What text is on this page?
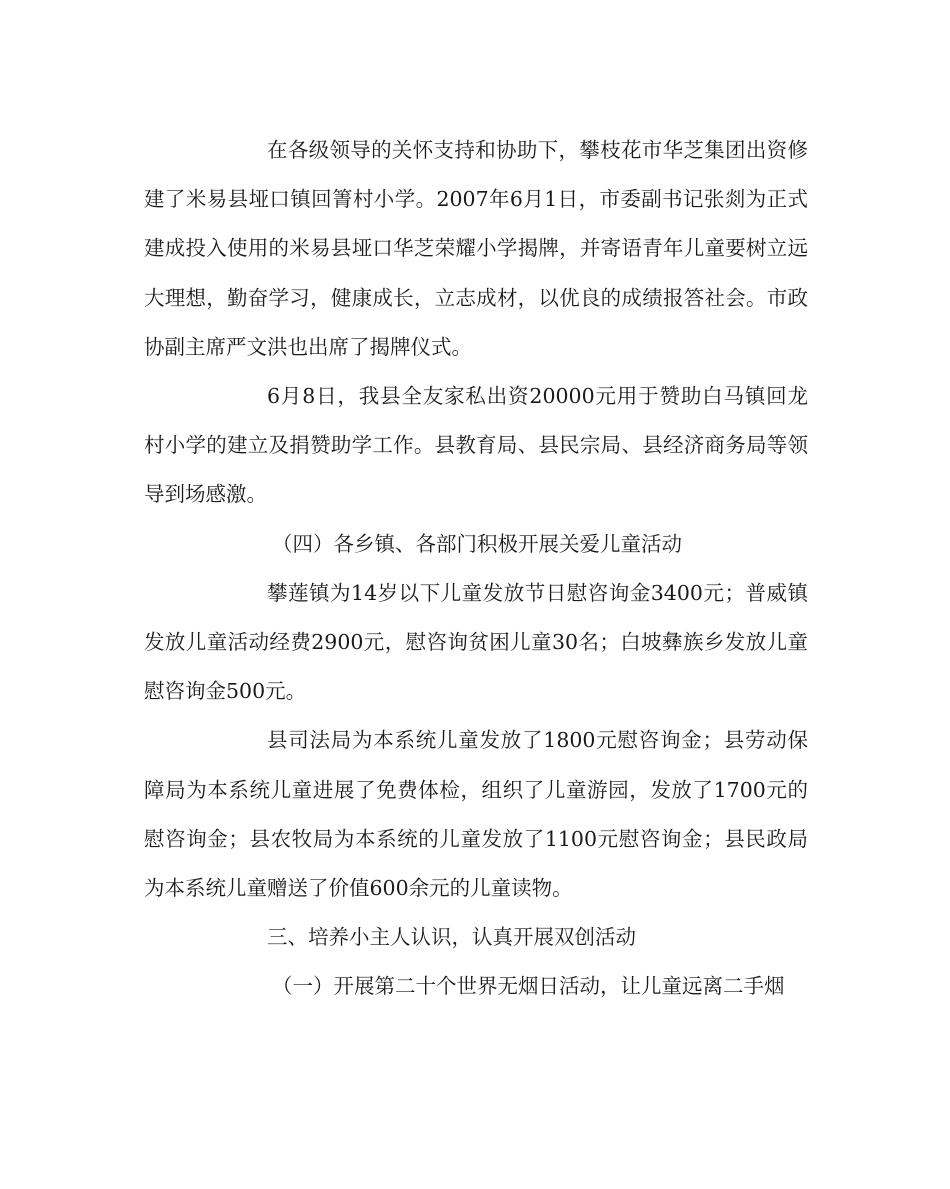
在各级领导的关怀支持和协助下，攀枝花市华芝集团出资修建了米易县垭口镇回箐村小学。2007年6月1日，市委副书记张剡为正式建成投入使用的米易县垭口华芝荣耀小学揭牌，并寄语青年儿童要树立远大理想，勤奋学习，健康成长，立志成材，以优良的成绩报答社会。市政协副主席严文洪也出席了揭牌仪式。

6月8日，我县全友家私出资20000元用于赞助白马镇回龙村小学的建立及捐赞助学工作。县教育局、县民宗局、县经济商务局等领导到场感激。

（四）各乡镇、各部门积极开展关爱儿童活动

攀莲镇为14岁以下儿童发放节日慰咨询金3400元；普威镇发放儿童活动经费2900元，慰咨询贫困儿童30名；白坡彝族乡发放儿童慰咨询金500元。

县司法局为本系统儿童发放了1800元慰咨询金；县劳动保障局为本系统儿童进展了免费体检，组织了儿童游园，发放了1700元的慰咨询金；县农牧局为本系统的儿童发放了1100元慰咨询金；县民政局为本系统儿童赠送了价值600余元的儿童读物。

三、培养小主人认识，认真开展双创活动

（一）开展第二十个世界无烟日活动，让儿童远离二手烟
